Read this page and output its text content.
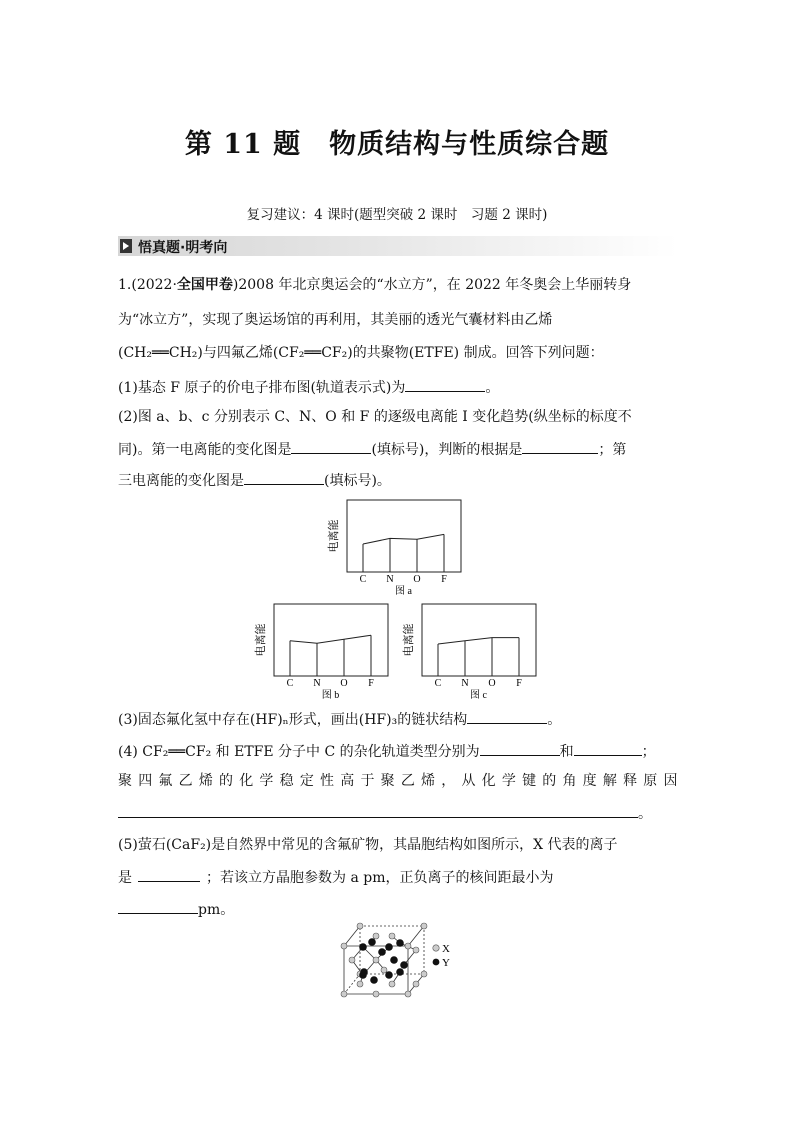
第 11 题　物质结构与性质综合题
复习建议：4 课时(题型突破 2 课时　习题 2 课时)
悟真题·明考向
1.(2022·全国甲卷)2008 年北京奥运会的“水立方”，在 2022 年冬奥会上华丽转身
为“冰立方”，实现了奥运场馆的再利用，其美丽的透光气囊材料由乙烯
(CH₂══CH₂)与四氟乙烯(CF₂══CF₂)的共聚物(ETFE) 制成。回答下列问题：
(1)基态 F 原子的价电子排布图(轨道表示式)为	。
(2)图 a、b、c 分别表示 C、N、O 和 F 的逐级电离能 I 变化趋势(纵坐标的标度不
同)。第一电离能的变化图是	(填标号)，判断的根据是	；第
三电离能的变化图是	(填标号)。
电离能
C N O F
图 a
电离能
C N O F
图 b
电离能
C N O F
图 c
(3)固态氟化氢中存在(HF)ₙ形式，画出(HF)₃的链状结构	。
(4) CF₂══CF₂ 和 ETFE 分子中 C 的杂化轨道类型分别为	和	；
聚四氟乙烯的化学稳定性高于聚乙烯，从化学键的角度解释原因
。
(5)萤石(CaF₂)是自然界中常见的含氟矿物，其晶胞结构如图所示，X 代表的离子
是	；若该立方晶胞参数为 a pm，正负离子的核间距最小为
pm。
X
Y
